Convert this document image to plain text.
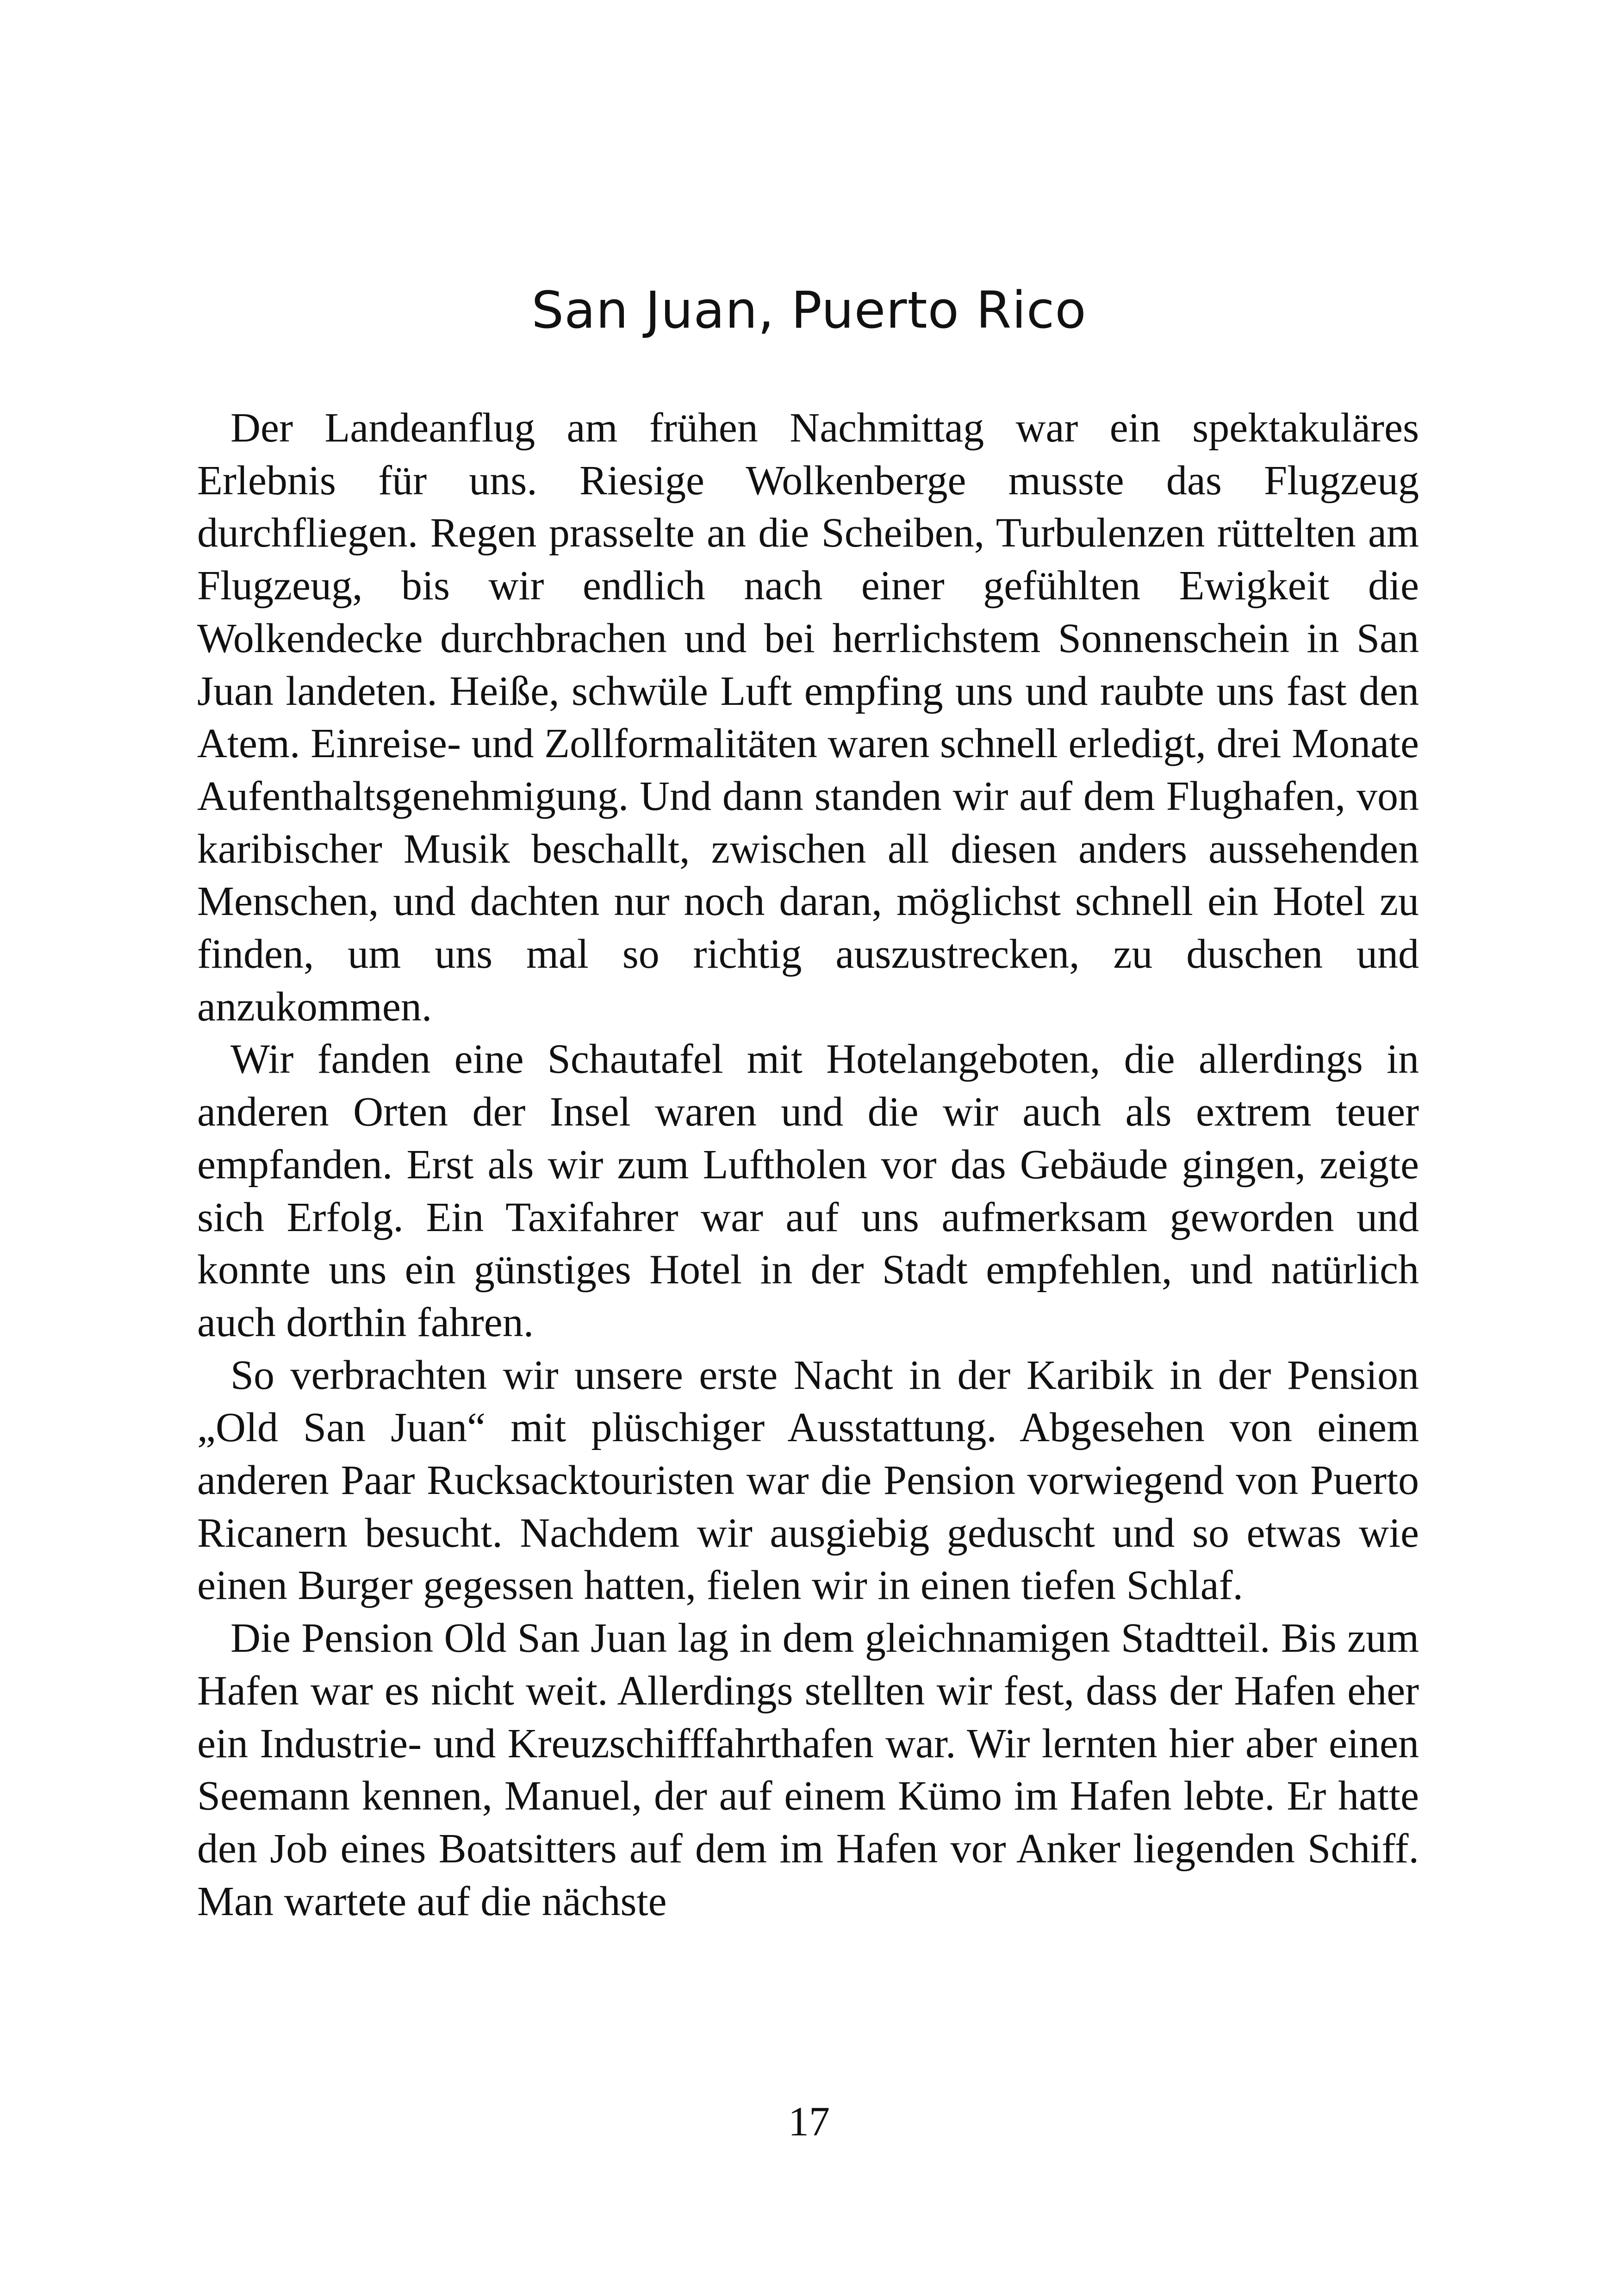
San Juan, Puerto Rico

Der Landeanflug am frühen Nachmittag war ein spektakuläres Erlebnis für uns. Riesige Wolkenberge musste das Flugzeug durchfliegen. Regen prasselte an die Scheiben, Turbulenzen rüttelten am Flugzeug, bis wir endlich nach einer gefühlten Ewigkeit die Wolkendecke durchbrachen und bei herrlichstem Sonnenschein in San Juan landeten. Heiße, schwüle Luft empfing uns und raubte uns fast den Atem. Einreise- und Zollformalitäten waren schnell erledigt, drei Monate Aufenthaltsgenehmigung. Und dann standen wir auf dem Flughafen, von karibischer Musik beschallt, zwischen all diesen anders aussehenden Menschen, und dachten nur noch daran, möglichst schnell ein Hotel zu finden, um uns mal so richtig auszustrecken, zu duschen und anzukommen.

Wir fanden eine Schautafel mit Hotelangeboten, die allerdings in anderen Orten der Insel waren und die wir auch als extrem teuer empfanden. Erst als wir zum Luftholen vor das Gebäude gingen, zeigte sich Erfolg. Ein Taxifahrer war auf uns aufmerksam geworden und konnte uns ein günstiges Hotel in der Stadt empfehlen, und natürlich auch dorthin fahren.

So verbrachten wir unsere erste Nacht in der Karibik in der Pension „Old San Juan“ mit plüschiger Ausstattung. Abgesehen von einem anderen Paar Rucksacktouristen war die Pension vorwiegend von Puerto Ricanern besucht. Nachdem wir ausgiebig geduscht und so etwas wie einen Burger gegessen hatten, fielen wir in einen tiefen Schlaf.

Die Pension Old San Juan lag in dem gleichnamigen Stadtteil. Bis zum Hafen war es nicht weit. Allerdings stellten wir fest, dass der Hafen eher ein Industrie- und Kreuzschifffahrthafen war. Wir lernten hier aber einen Seemann kennen, Manuel, der auf einem Kümo im Hafen lebte. Er hatte den Job eines Boatsitters auf dem im Hafen vor Anker liegenden Schiff. Man wartete auf die nächste

17
